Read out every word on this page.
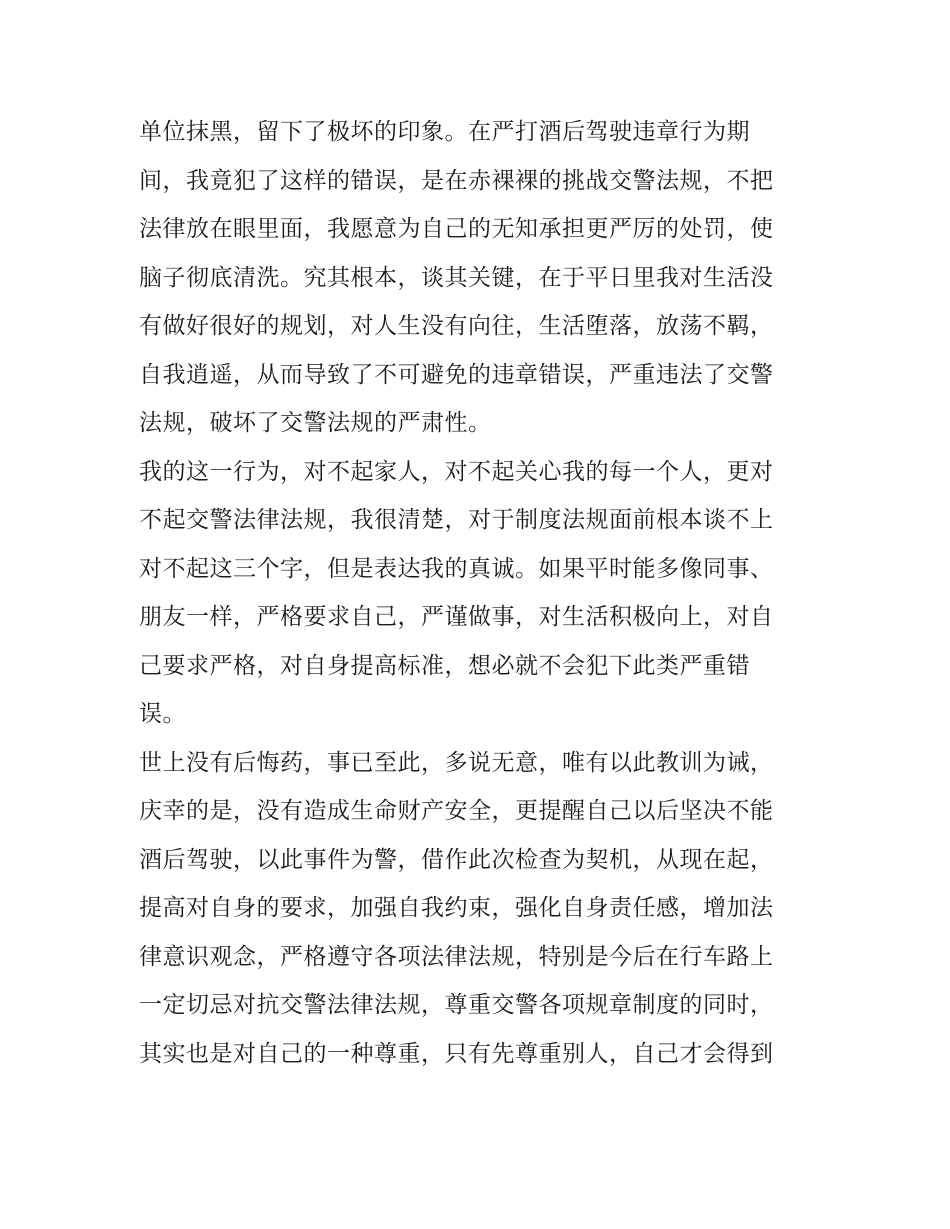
单位抹黑，留下了极坏的印象。在严打酒后驾驶违章行为期
间，我竟犯了这样的错误，是在赤裸裸的挑战交警法规，不把
法律放在眼里面，我愿意为自己的无知承担更严厉的处罚，使
脑子彻底清洗。究其根本，谈其关键，在于平日里我对生活没
有做好很好的规划，对人生没有向往，生活堕落，放荡不羁，
自我逍遥，从而导致了不可避免的违章错误，严重违法了交警
法规，破坏了交警法规的严肃性。
我的这一行为，对不起家人，对不起关心我的每一个人，更对
不起交警法律法规，我很清楚，对于制度法规面前根本谈不上
对不起这三个字，但是表达我的真诚。如果平时能多像同事、
朋友一样，严格要求自己，严谨做事，对生活积极向上，对自
己要求严格，对自身提高标准，想必就不会犯下此类严重错
误。
世上没有后悔药，事已至此，多说无意，唯有以此教训为诫，
庆幸的是，没有造成生命财产安全，更提醒自己以后坚决不能
酒后驾驶，以此事件为警，借作此次检查为契机，从现在起，
提高对自身的要求，加强自我约束，强化自身责任感，增加法
律意识观念，严格遵守各项法律法规，特别是今后在行车路上
一定切忌对抗交警法律法规，尊重交警各项规章制度的同时，
其实也是对自己的一种尊重，只有先尊重别人，自己才会得到
